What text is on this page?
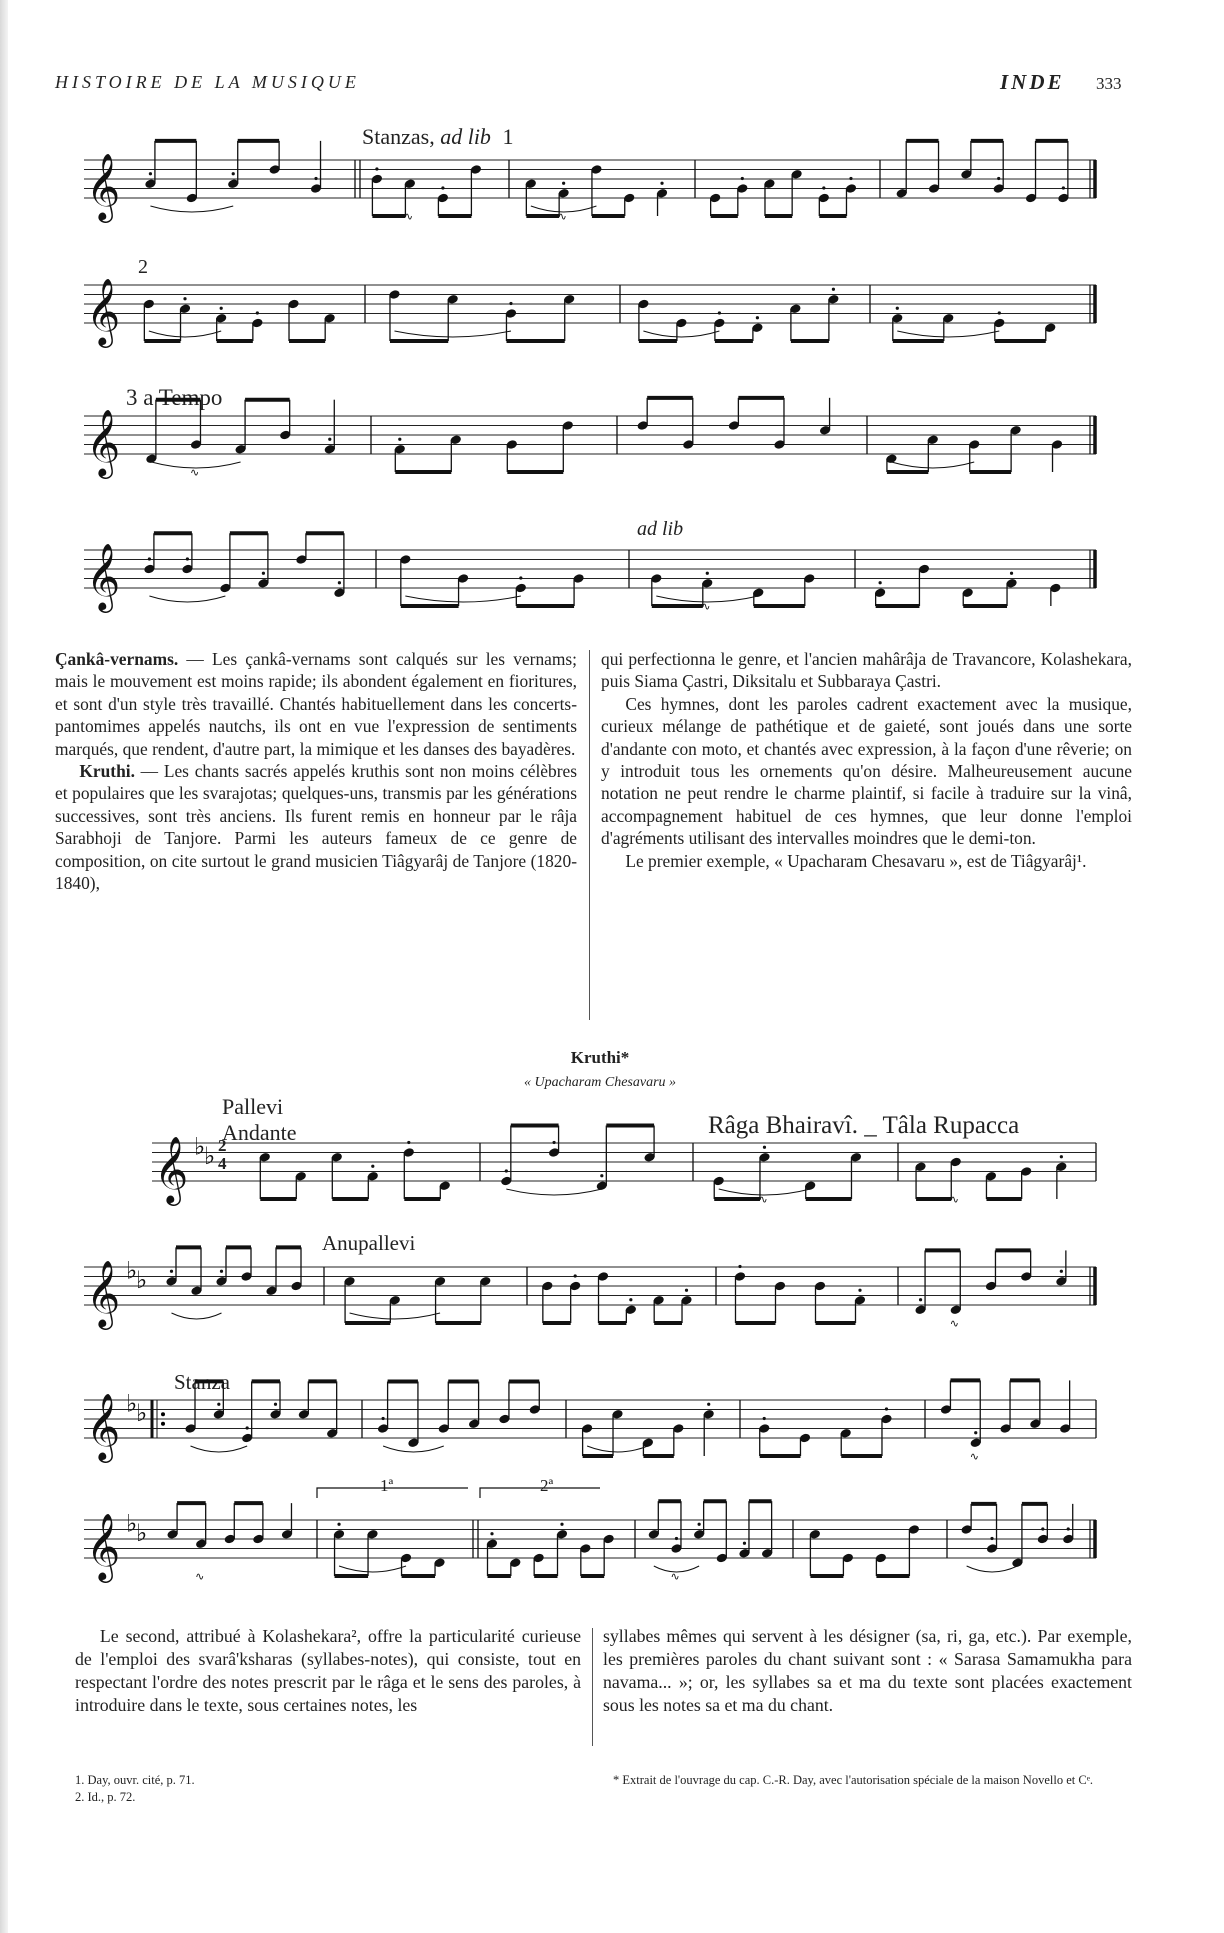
HISTOIRE DE LA MUSIQUE	INDE 333
Stanzas, ad lib 1
2
3 a Tempo
ad lib
𝄞	∿	∿
𝄞
𝄞	∿
𝄞	∿

Çankâ-vernams. — Les çankâ-vernams sont calqués sur les vernams; mais le mouvement est moins rapide; ils abondent également en fioritures, et sont d'un style très travaillé. Chantés habituellement dans les concerts-pantomimes appelés nautchs, ils ont en vue l'expression de sentiments marqués, que rendent, d'autre part, la mimique et les danses des bayadères.

Kruthi. — Les chants sacrés appelés kruthis sont non moins célèbres et populaires que les svarajotas; quelques-uns, transmis par les générations successives, sont très anciens. Ils furent remis en honneur par le râja Sarabhoji de Tanjore. Parmi les auteurs fameux de ce genre de composition, on cite surtout le grand musicien Tiâgyarâj de Tanjore (1820-1840),

qui perfectionna le genre, et l'ancien mahârâja de Travancore, Kolashekara, puis Siama Çastri, Diksitalu et Subbaraya Çastri.

Ces hymnes, dont les paroles cadrent exactement avec la musique, curieux mélange de pathétique et de gaieté, sont joués dans une sorte d'andante con moto, et chantés avec expression, à la façon d'une rêverie; on y introduit tous les ornements qu'on désire. Malheureusement aucune notation ne peut rendre le charme plaintif, si facile à traduire sur la vinâ, accompagnement habituel de ces hymnes, que leur donne l'emploi d'agréments utilisant des intervalles moindres que le demi-ton.

Le premier exemple, « Upacharam Chesavaru », est de Tiâgyarâj¹.

Kruthi*
« Upacharam Chesavaru »
Pallevi
Andante	Râga Bhairavî. _ Tâla Rupacca
Anupallevi
Stanza
1ª	2ª
2
4
𝄞 ♭
♭
∿	∿
𝄞 ♭
♭
∿
𝄞 ♭
♭
∿
𝄞 ♭
♭
∿	∿

Le second, attribué à Kolashekara², offre la particularité curieuse de l'emploi des svarâ'ksharas (syllabes-notes), qui consiste, tout en respectant l'ordre des notes prescrit par le râga et le sens des paroles, à introduire dans le texte, sous certaines notes, les

syllabes mêmes qui servent à les désigner (sa, ri, ga, etc.). Par exemple, les premières paroles du chant suivant sont : « Sarasa Samamukha para navama... »; or, les syllabes sa et ma du texte sont placées exactement sous les notes sa et ma du chant.

1. Day, ouvr. cité, p. 71.
2. Id., p. 72.
* Extrait de l'ouvrage du cap. C.-R. Day, avec l'autorisation spéciale de la maison Novello et Cᵉ.
